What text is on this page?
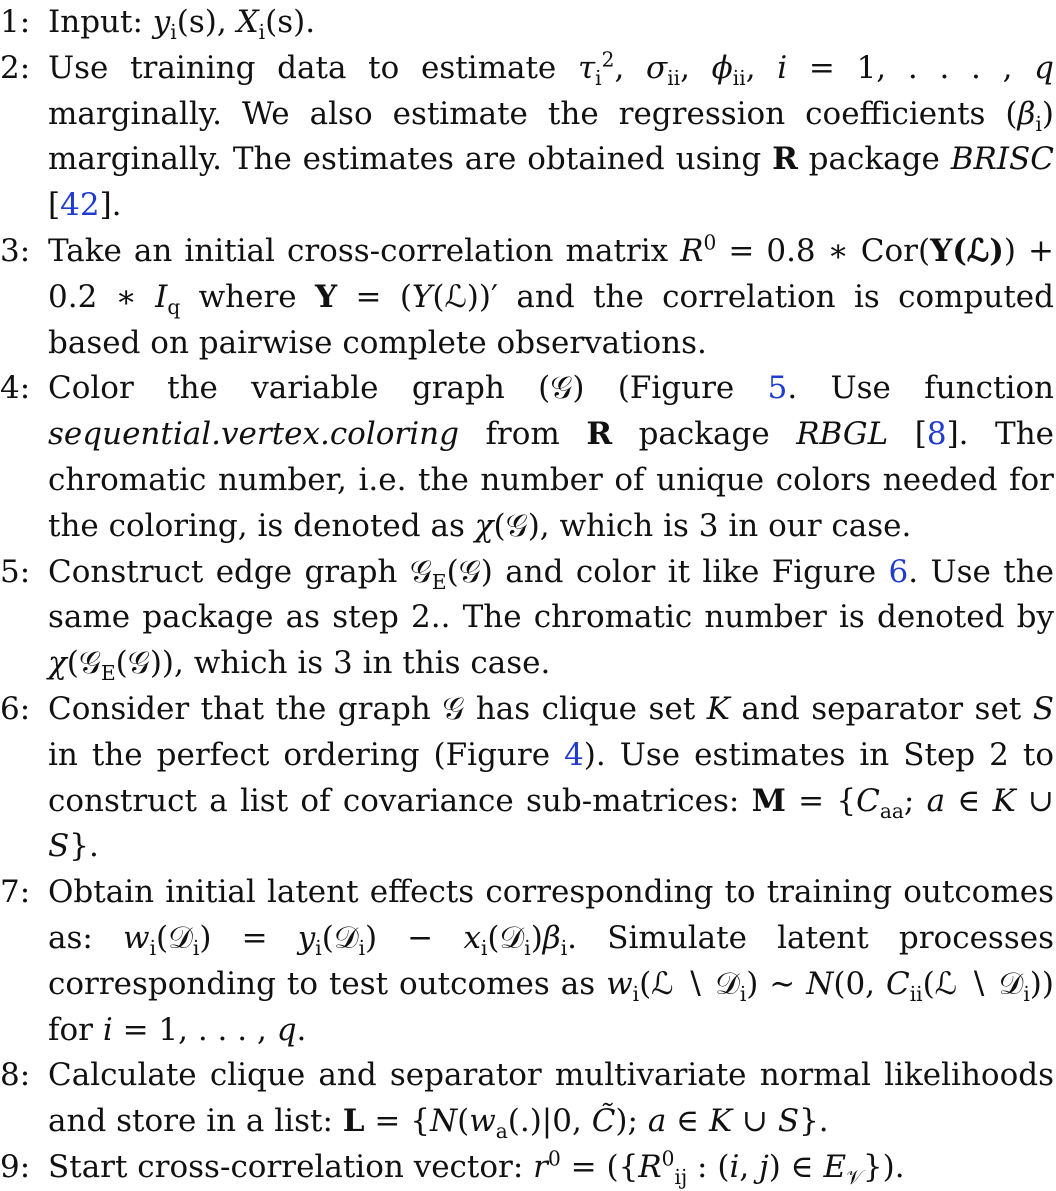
1: Input: $y_i(s)$, $X_i(s)$.
2: Use training data to estimate $\tau_i^2$, $\sigma_{ii}$, $\phi_{ii}$, i = 1, . . . , q marginally. We also estimate the regression coefficients $(\beta_i)$ marginally. The estimates are obtained using R package BRISC [42].
3: Take an initial cross-correlation matrix $R^0 = 0.8$ ∗ Cor(Y(ℒ)) + 0.2 ∗ $I_q$ where Y = (Y(ℒ))′ and the correlation is computed based on pairwise complete observations.
4: Color the variable graph (𝒢) (Figure 5. Use function sequential.vertex.coloring from R package RBGL [8]. The chromatic number, i.e. the number of unique colors needed for the coloring, is denoted as χ(𝒢), which is 3 in our case.
5: Construct edge graph 𝒢$_E$(𝒢) and color it like Figure 6. Use the same package as step 2.. The chromatic number is denoted by χ(𝒢$_E$(𝒢)), which is 3 in this case.
6: Consider that the graph 𝒢 has clique set K and separator set S in the perfect ordering (Figure 4). Use estimates in Step 2 to construct a list of covariance sub-matrices: $M = \{C_{aa}$; a ∈ K ∪ S}.
7: Obtain initial latent effects corresponding to training outcomes as: $w_i(𝒟_i)$ = $y_i(𝒟_i)$ − $x_i(𝒟_i)\beta_i$. Simulate latent processes corresponding to test outcomes as $w_i(ℒ$ ∖ 𝒟$_i$) ∼ N(0, $C_{ii}(ℒ$ ∖ 𝒟$_i$)) for i = 1, . . . , q.
8: Calculate clique and separator multivariate normal likelihoods and store in a list: $L = \{N(w_a(.)|0$, C̃); a ∈ K ∪ S}.
9: Start cross-correlation vector: $r^0 = (\{R^0_{ij}$ : (i, j) ∈ $E_𝒱$}).
